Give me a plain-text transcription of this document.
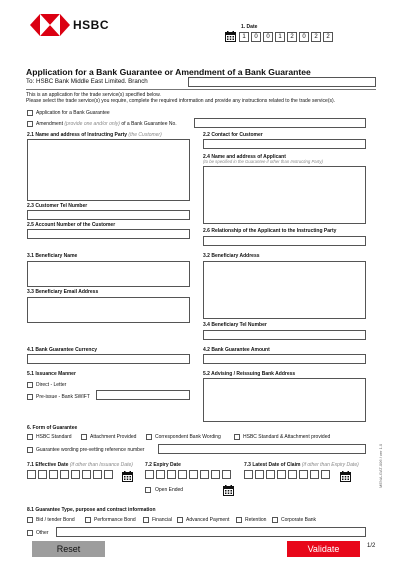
HSBC	1. Date
1	0	0	1	2	0	2	2
Application for a Bank Guarantee or Amendment of a Bank Guarantee
To: HSBC Bank Middle East Limited. Branch
This is an application for the trade service(s) specified below.
Please select the trade service(s) you require, complete the required information and provide any instructions related to the trade service(s).
Application for a Bank Guarantee
Amendment (provide one and/or only) of a Bank Guarantee No.
2.1 Name and address of Instructing Party (the Customer)	2.2 Contact for Customer
2.4 Name and address of Applicant
(to be specified in the Guarantee if other than Instructing Party)
2.3 Customer Tel Number
2.5 Account Number of the Customer
2.6 Relationship of the Applicant to the Instructing Party
3.1 Beneficiary Name	3.2 Beneficiary Address
3.3 Beneficiary Email Address
3.4 Beneficiary Tel Number
4.1 Bank Guarantee Currency	4.2 Bank Guarantee Amount
5.1 Issuance Manner
Direct - Letter
Pre-issue - Bank SWIFT
5.2 Advising / Reissuing Bank Address
6. Form of Guarantee
HSBC Standard	Attachment Provided	Correspondent Bank Wording	HSBC Standard & Attachment provided
Guarantee wording pre-vetting reference number
7.1 Effective Date (if other than Issuance Date) 7.2 Expiry Date
Open Ended
7.3 Latest Date of Claim (if other than Expiry Date)
8.1 Guarantee Type, purpose and contract information
Bid / tender Bond	Performance Bond	Financial	Advanced Payment	Retention	Corporate Bank
Other
MENA-GAT-006 / ver 1.0
Reset	Validate	1/2
